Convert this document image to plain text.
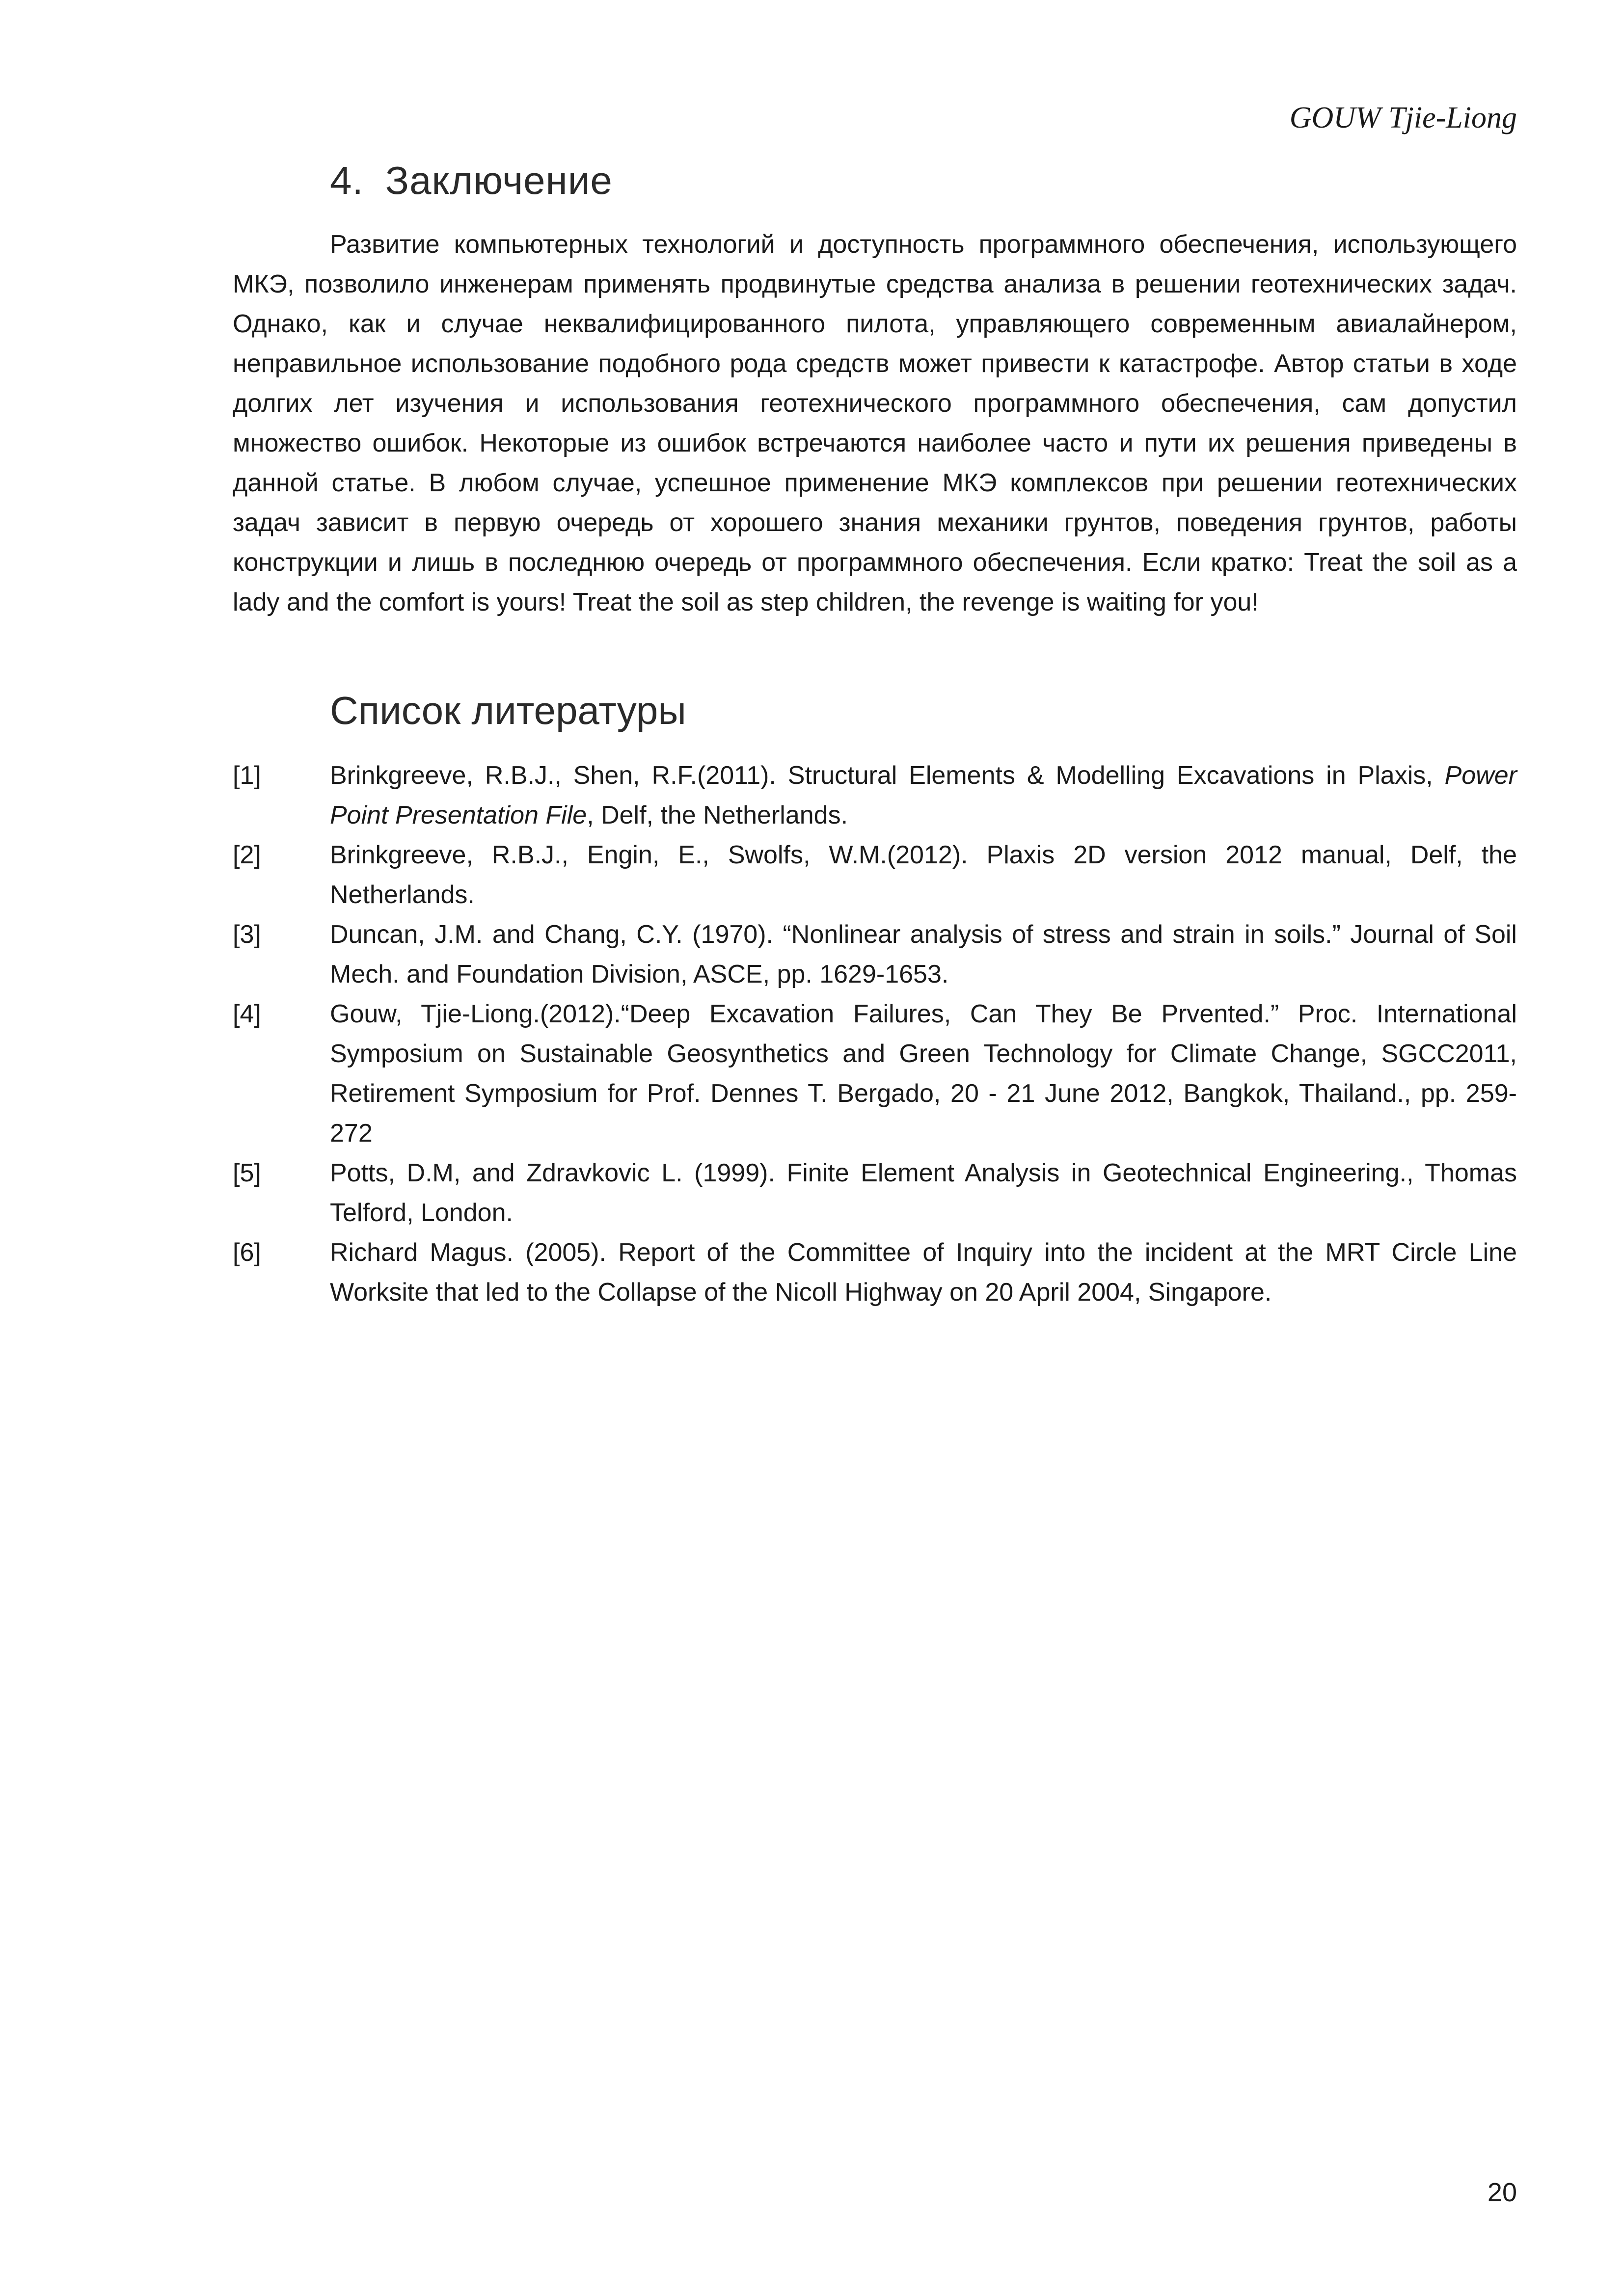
GOUW Tjie-Liong
4. Заключение

Развитие компьютерных технологий и доступность программного обеспечения, использующего МКЭ, позволило инженерам применять продвинутые средства анализа в решении геотехнических задач. Однако, как и случае неквалифицированного пилота, управляющего современным авиалайнером, неправильное использование подобного рода средств может привести к катастрофе. Автор статьи в ходе долгих лет изучения и использования геотехнического программного обеспечения, сам допустил множество ошибок. Некоторые из ошибок встречаются наиболее часто и пути их решения приведены в данной статье. В любом случае, успешное применение МКЭ комплексов при решении геотехнических задач зависит в первую очередь от хорошего знания механики грунтов, поведения грунтов, работы конструкции и лишь в последнюю очередь от программного обеспечения. Если кратко: Treat the soil as a lady and the comfort is yours! Treat the soil as step children, the revenge is waiting for you!

Список литературы
[1]	Brinkgreeve, R.B.J., Shen, R.F.(2011). Structural Elements & Modelling Excavations in Plaxis, Power Point Presentation File, Delf, the Netherlands.
[2]	Brinkgreeve, R.B.J., Engin, E., Swolfs, W.M.(2012). Plaxis 2D version 2012 manual, Delf, the Netherlands.
[3]	Duncan, J.M. and Chang, C.Y. (1970). “Nonlinear analysis of stress and strain in soils.” Journal of Soil Mech. and Foundation Division, ASCE, pp. 1629-1653.
[4]	Gouw, Tjie-Liong.(2012).“Deep Excavation Failures, Can They Be Prvented.” Proc. International Symposium on Sustainable Geosynthetics and Green Technology for Climate Change, SGCC2011, Retirement Symposium for Prof. Dennes T. Bergado, 20 - 21 June 2012, Bangkok, Thailand., pp. 259-272
[5]	Potts, D.M, and Zdravkovic L. (1999). Finite Element Analysis in Geotechnical Engineering., Thomas Telford, London.
[6]	Richard Magus. (2005). Report of the Committee of Inquiry into the incident at the MRT Circle Line Worksite that led to the Collapse of the Nicoll Highway on 20 April 2004, Singapore.
20
